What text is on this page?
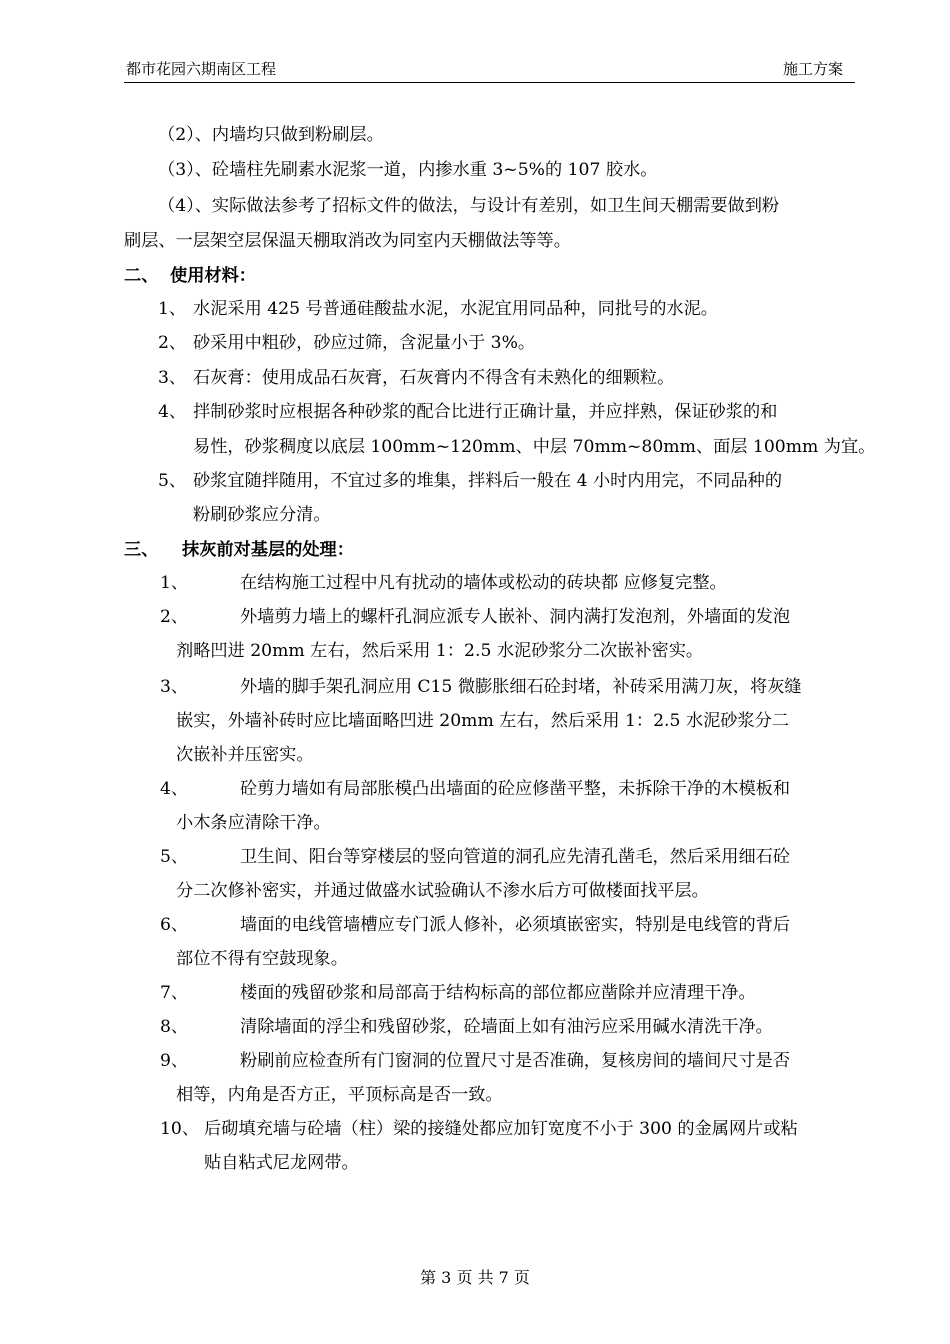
都市花园六期南区工程	施工方案
（2）、内墙均只做到粉刷层。
（3）、砼墙柱先刷素水泥浆一道，内掺水重 3~5%的 107 胶水。
（4）、实际做法参考了招标文件的做法，与设计有差别，如卫生间天棚需要做到粉
刷层、一层架空层保温天棚取消改为同室内天棚做法等等。
二、 使用材料：
1、 水泥采用 425 号普通硅酸盐水泥，水泥宜用同品种，同批号的水泥。
2、 砂采用中粗砂，砂应过筛，含泥量小于 3%。
3、 石灰膏：使用成品石灰膏，石灰膏内不得含有未熟化的细颗粒。
4、 拌制砂浆时应根据各种砂浆的配合比进行正确计量，并应拌熟，保证砂浆的和
易性，砂浆稠度以底层 100mm~120mm、中层 70mm~80mm、面层 100mm 为宜。
5、 砂浆宜随拌随用，不宜过多的堆集，拌料后一般在 4 小时内用完，不同品种的
粉刷砂浆应分清。
三、 抹灰前对基层的处理：
1、	在结构施工过程中凡有扰动的墙体或松动的砖块都 应修复完整。
2、	外墙剪力墙上的螺杆孔洞应派专人嵌补、洞内满打发泡剂，外墙面的发泡
剂略凹进 20mm 左右，然后采用 1：2.5 水泥砂浆分二次嵌补密实。
3、	外墙的脚手架孔洞应用 C15 微膨胀细石砼封堵，补砖采用满刀灰，将灰缝
嵌实，外墙补砖时应比墙面略凹进 20mm 左右，然后采用 1：2.5 水泥砂浆分二
次嵌补并压密实。
4、	砼剪力墙如有局部胀模凸出墙面的砼应修凿平整，未拆除干净的木模板和
小木条应清除干净。
5、	卫生间、阳台等穿楼层的竖向管道的洞孔应先清孔凿毛，然后采用细石砼
分二次修补密实，并通过做盛水试验确认不渗水后方可做楼面找平层。
6、	墙面的电线管墙槽应专门派人修补，必须填嵌密实，特别是电线管的背后
部位不得有空鼓现象。
7、	楼面的残留砂浆和局部高于结构标高的部位都应凿除并应清理干净。
8、	清除墙面的浮尘和残留砂浆，砼墙面上如有油污应采用碱水清洗干净。
9、	粉刷前应检查所有门窗洞的位置尺寸是否准确，复核房间的墙间尺寸是否
相等，内角是否方正，平顶标高是否一致。
10、 后砌填充墙与砼墙（柱）梁的接缝处都应加钉宽度不小于 300 的金属网片或粘
贴自粘式尼龙网带。
第 3 页 共 7 页
